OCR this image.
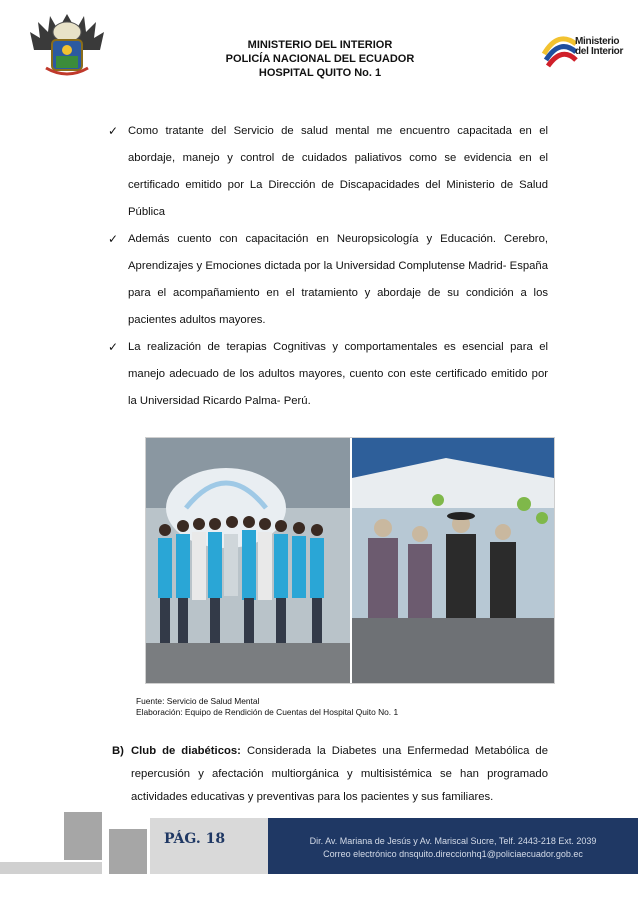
MINISTERIO DEL INTERIOR
POLICÍA NACIONAL DEL ECUADOR
HOSPITAL QUITO No. 1
Ministerio
del Interior
✓ Como tratante del Servicio de salud mental me encuentro capacitada en el abordaje, manejo y control de cuidados paliativos como se evidencia en el certificado emitido por La Dirección de Discapacidades del Ministerio de Salud Pública
✓ Además cuento con capacitación en Neuropsicología y Educación. Cerebro, Aprendizajes y Emociones dictada por la Universidad Complutense Madrid- España para el acompañamiento en el tratamiento y abordaje de su condición a los pacientes adultos mayores.
✓ La realización de terapias Cognitivas y comportamentales es esencial para el manejo adecuado de los adultos mayores, cuento con este certificado emitido por la Universidad Ricardo Palma- Perú.
Fuente: Servicio de Salud Mental
Elaboración: Equipo de Rendición de Cuentas del Hospital Quito No. 1
B) Club de diabéticos: Considerada la Diabetes una Enfermedad Metabólica de repercusión y afectación multiorgánica y multisistémica se han programado actividades educativas y preventivas para los pacientes y sus familiares.
PÁG. 18	Dir. Av. Mariana de Jesús y Av. Mariscal Sucre, Telf. 2443-218 Ext. 2039
Correo electrónico dnsquito.direccionhq1@policiaecuador.gob.ec
